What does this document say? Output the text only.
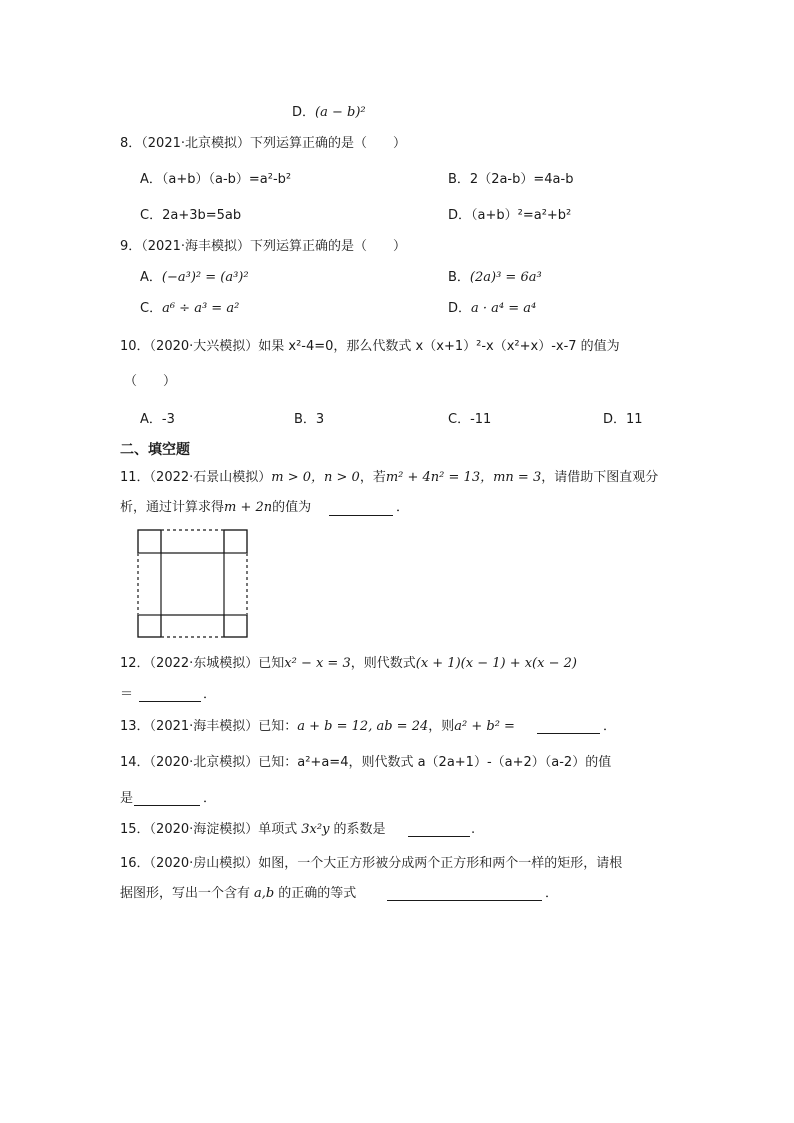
D．(a − b)²
8．（2021·北京模拟）下列运算正确的是（　　）
A．（a+b）（a-b）=a²-b²	B．2（2a-b）=4a-b
C．2a+3b=5ab	D．（a+b）²=a²+b²
9．（2021·海丰模拟）下列运算正确的是（　　）
A．(−a³)² = (a³)²	B．(2a)³ = 6a³
C．a⁶ ÷ a³ = a²	D．a · a⁴ = a⁴
10．（2020·大兴模拟）如果 x²-4=0，那么代数式 x（x+1）²-x（x²+x）-x-7 的值为
（　　）
A．-3	B．3	C．-11	D．11
二、填空题
11．（2022·石景山模拟）m > 0，n > 0，若m² + 4n² = 13，mn = 3，请借助下图直观分
析，通过计算求得m + 2n的值为	．
12．（2022·东城模拟）已知x² − x = 3，则代数式(x + 1)(x − 1) + x(x − 2)
＝	．
13．（2021·海丰模拟）已知：a + b = 12, ab = 24，则a² + b² =	．
14．（2020·北京模拟）已知：a²+a=4，则代数式 a（2a+1）-（a+2）（a-2）的值
是	．
15．（2020·海淀模拟）单项式 3x²y 的系数是	.
16．（2020·房山模拟）如图，一个大正方形被分成两个正方形和两个一样的矩形，请根
据图形，写出一个含有 a,b 的正确的等式	．
